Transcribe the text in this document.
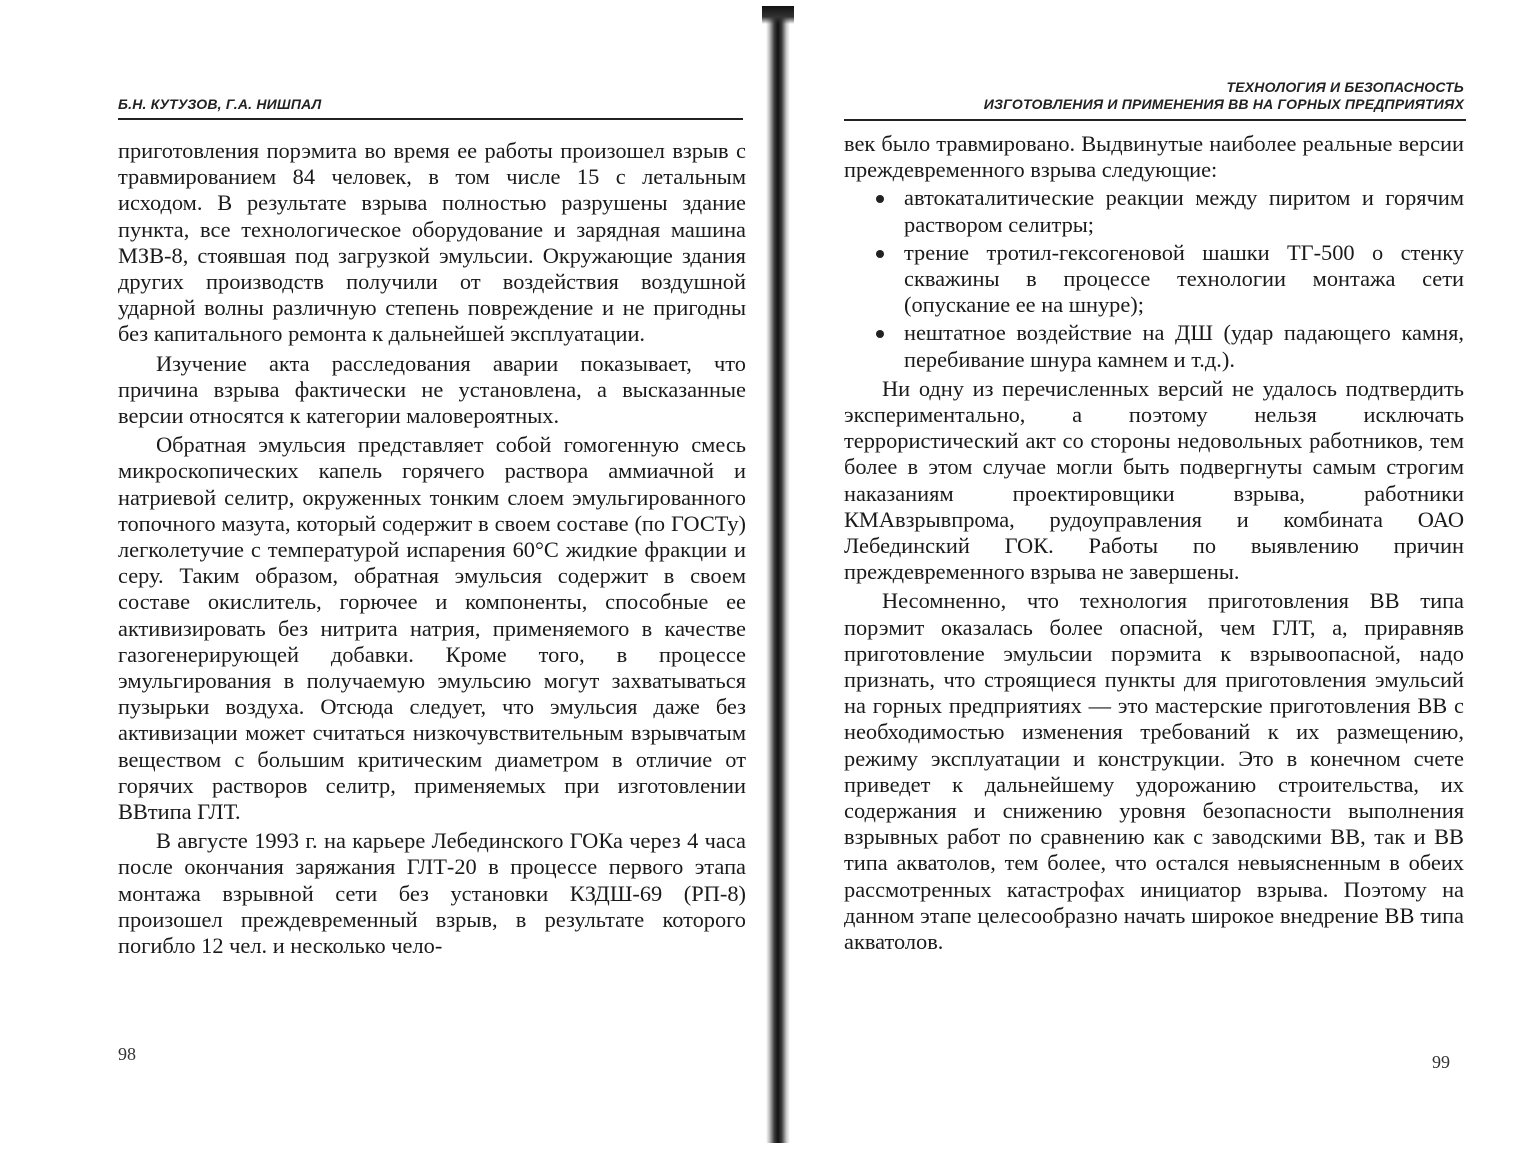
Б.Н. КУТУЗОВ, Г.А. НИШПАЛ

приготовления порэмита во время ее работы произошел взрыв с травмированием 84 человек, в том числе 15 с летальным исходом. В результате взрыва полностью разрушены здание пункта, все технологическое оборудование и зарядная машина МЗВ-8, стоявшая под загрузкой эмульсии. Окружающие здания других производств получили от воздействия воздушной ударной волны различную степень повреждение и не пригодны без капитального ремонта к дальнейшей эксплуатации.

Изучение акта расследования аварии показывает, что причина взрыва фактически не установлена, а высказанные версии относятся к категории маловероятных.

Обратная эмульсия представляет собой гомогенную смесь микроскопических капель горячего раствора аммиачной и натриевой селитр, окруженных тонким слоем эмульгированного топочного мазута, который содержит в своем составе (по ГОСТу) легколетучие с температурой испарения 60°С жидкие фракции и серу. Таким образом, обратная эмульсия содержит в своем составе окислитель, горючее и компоненты, способные ее активизировать без нитрита натрия, применяемого в качестве газогенерирующей добавки. Кроме того, в процессе эмульгирования в получаемую эмульсию могут захватываться пузырьки воздуха. Отсюда следует, что эмульсия даже без активизации может считаться низкочувствительным взрывчатым веществом с большим критическим диаметром в отличие от горячих растворов селитр, применяемых при изготовлении ВВтипа ГЛТ.

В августе 1993 г. на карьере Лебединского ГОКа через 4 часа после окончания заряжания ГЛТ-20 в процессе первого этапа монтажа взрывной сети без установки КЗДШ-69 (РП-8) произошел преждевременный взрыв, в результате которого погибло 12 чел. и несколько чело-

98
ТЕХНОЛОГИЯ И БЕЗОПАСНОСТЬ
ИЗГОТОВЛЕНИЯ И ПРИМЕНЕНИЯ ВВ НА ГОРНЫХ ПРЕДПРИЯТИЯХ

век было травмировано. Выдвинутые наиболее реальные версии преждевременного взрыва следующие:

автокаталитические реакции между пиритом и горячим раствором селитры;
трение тротил-гексогеновой шашки ТГ-500 о стенку скважины в процессе технологии монтажа сети (опускание ее на шнуре);
нештатное воздействие на ДШ (удар падающего камня, перебивание шнура камнем и т.д.).

Ни одну из перечисленных версий не удалось подтвердить экспериментально, а поэтому нельзя исключать террористический акт со стороны недовольных работников, тем более в этом случае могли быть подвергнуты самым строгим наказаниям проектировщики взрыва, работники КМАвзрывпрома, рудоуправления и комбината ОАО Лебединский ГОК. Работы по выявлению причин преждевременного взрыва не завершены.

Несомненно, что технология приготовления ВВ типа порэмит оказалась более опасной, чем ГЛТ, а, приравняв приготовление эмульсии порэмита к взрывоопасной, надо признать, что строящиеся пункты для приготовления эмульсий на горных предприятиях — это мастерские приготовления ВВ с необходимостью изменения требований к их размещению, режиму эксплуатации и конструкции. Это в конечном счете приведет к дальнейшему удорожанию строительства, их содержания и снижению уровня безопасности выполнения взрывных работ по сравнению как с заводскими ВВ, так и ВВ типа акватолов, тем более, что остался невыясненным в обеих рассмотренных катастрофах инициатор взрыва. Поэтому на данном этапе целесообразно начать широкое внедрение ВВ типа акватолов.

99
